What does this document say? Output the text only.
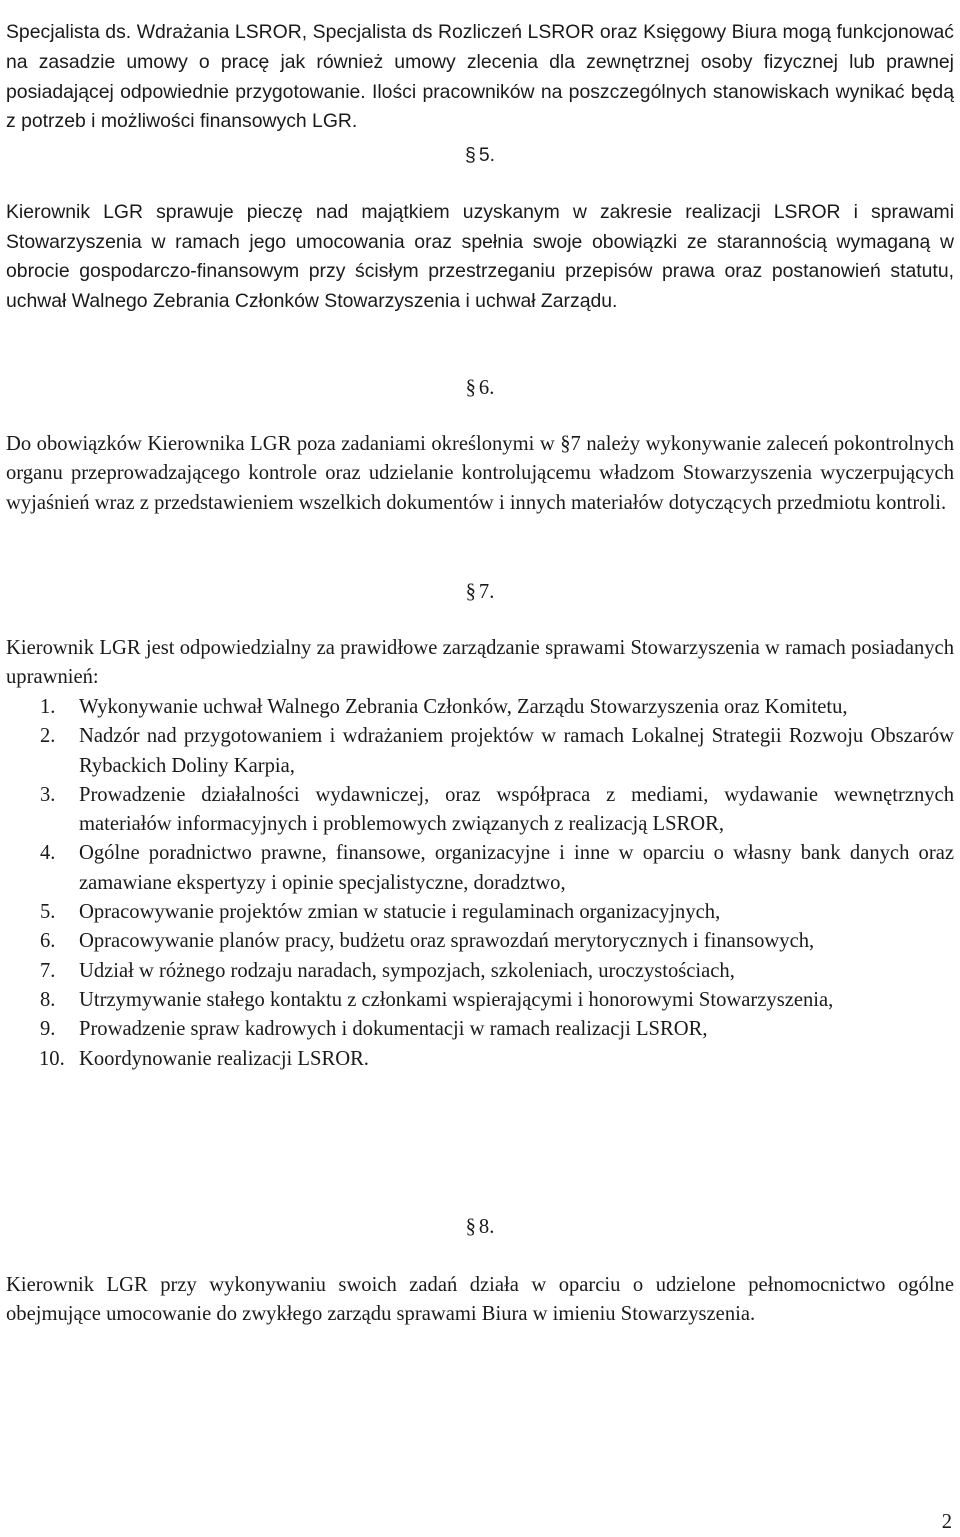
Specjalista ds. Wdrażania LSROR, Specjalista ds Rozliczeń LSROR oraz Księgowy Biura mogą funkcjonować na zasadzie umowy o pracę jak również umowy zlecenia dla zewnętrznej osoby fizycznej lub prawnej posiadającej odpowiednie przygotowanie. Ilości pracowników na poszczególnych stanowiskach wynikać będą z potrzeb i możliwości finansowych LGR.

§ 5.

Kierownik LGR sprawuje pieczę nad majątkiem uzyskanym w zakresie realizacji LSROR i sprawami Stowarzyszenia w ramach jego umocowania oraz spełnia swoje obowiązki ze starannością wymaganą w obrocie gospodarczo-finansowym przy ścisłym przestrzeganiu przepisów prawa oraz postanowień statutu, uchwał Walnego Zebrania Członków Stowarzyszenia i uchwał Zarządu.

§ 6.

Do obowiązków Kierownika LGR poza zadaniami określonymi w §7 należy wykonywanie zaleceń pokontrolnych organu przeprowadzającego kontrole oraz udzielanie kontrolującemu władzom Stowarzyszenia wyczerpujących wyjaśnień wraz z przedstawieniem wszelkich dokumentów i innych materiałów dotyczących przedmiotu kontroli.

§ 7.

Kierownik LGR jest odpowiedzialny za prawidłowe zarządzanie sprawami Stowarzyszenia w ramach posiadanych uprawnień:

1. Wykonywanie uchwał Walnego Zebrania Członków, Zarządu Stowarzyszenia oraz Komitetu,
2. Nadzór nad przygotowaniem i wdrażaniem projektów w ramach Lokalnej Strategii Rozwoju Obszarów Rybackich Doliny Karpia,
3. Prowadzenie działalności wydawniczej, oraz współpraca z mediami, wydawanie wewnętrznych materiałów informacyjnych i problemowych związanych z realizacją LSROR,
4. Ogólne poradnictwo prawne, finansowe, organizacyjne i inne w oparciu o własny bank danych oraz zamawiane ekspertyzy i opinie specjalistyczne, doradztwo,
5. Opracowywanie projektów zmian w statucie i regulaminach organizacyjnych,
6. Opracowywanie planów pracy, budżetu oraz sprawozdań merytorycznych i finansowych,
7. Udział w różnego rodzaju naradach, sympozjach, szkoleniach, uroczystościach,
8. Utrzymywanie stałego kontaktu z członkami wspierającymi i honorowymi Stowarzyszenia,
9. Prowadzenie spraw kadrowych i dokumentacji w ramach realizacji LSROR,
10. Koordynowanie realizacji LSROR.
§ 8.

Kierownik LGR przy wykonywaniu swoich zadań działa w oparciu o udzielone pełnomocnictwo ogólne obejmujące umocowanie do zwykłego zarządu sprawami Biura w imieniu Stowarzyszenia.

2
